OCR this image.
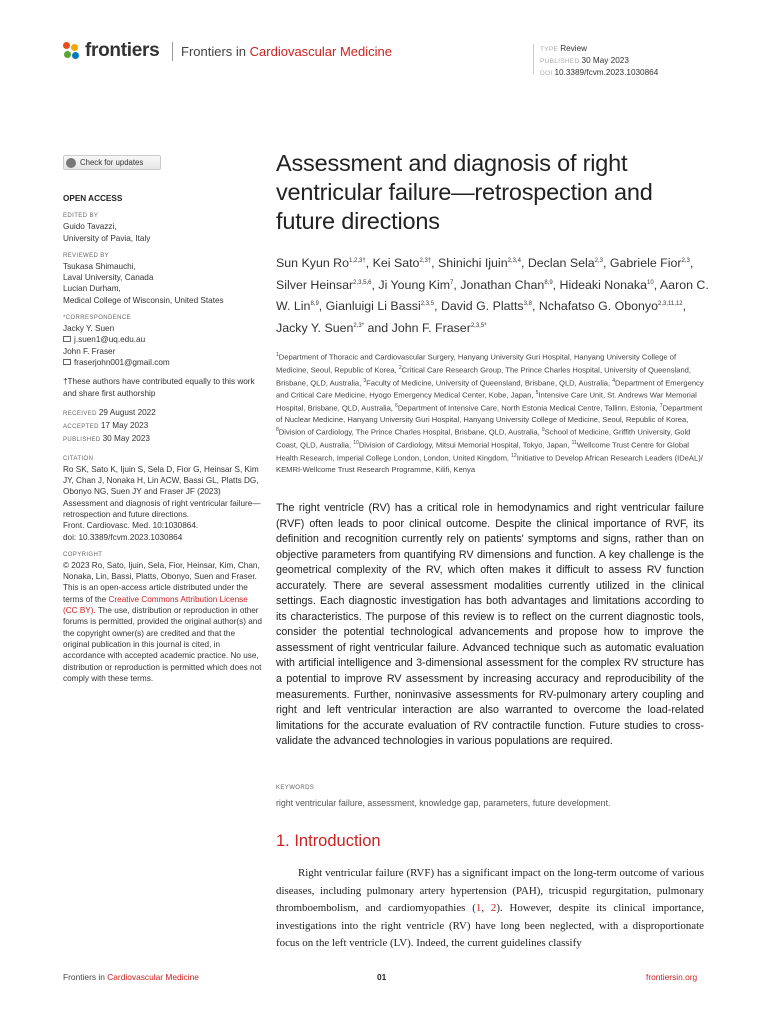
frontiers Frontiers in Cardiovascular Medicine	TYPE Review
PUBLISHED 30 May 2023
DOI 10.3389/fcvm.2023.1030864
Check for updates
OPEN ACCESS
EDITED BY
Guido Tavazzi,
University of Pavia, Italy
REVIEWED BY
Tsukasa Shimauchi,
Laval University, Canada
Lucian Durham,
Medical College of Wisconsin, United States
*CORRESPONDENCE
Jacky Y. Suen
j.suen1@uq.edu.au
John F. Fraser
fraserjohn001@gmail.com
†These authors have contributed equally to this work and share first authorship
RECEIVED 29 August 2022
ACCEPTED 17 May 2023
PUBLISHED 30 May 2023
CITATION
Ro SK, Sato K, Ijuin S, Sela D, Fior G, Heinsar S, Kim JY, Chan J, Nonaka H, Lin ACW, Bassi GL, Platts DG, Obonyo NG, Suen JY and Fraser JF (2023) Assessment and diagnosis of right ventricular failure—retrospection and future directions.
Front. Cardiovasc. Med. 10:1030864.
doi: 10.3389/fcvm.2023.1030864
COPYRIGHT
© 2023 Ro, Sato, Ijuin, Sela, Fior, Heinsar, Kim, Chan, Nonaka, Lin, Bassi, Platts, Obonyo, Suen and Fraser. This is an open-access article distributed under the terms of the Creative Commons Attribution License (CC BY). The use, distribution or reproduction in other forums is permitted, provided the original author(s) and the copyright owner(s) are credited and that the original publication in this journal is cited, in accordance with accepted academic practice. No use, distribution or reproduction is permitted which does not comply with these terms.
Assessment and diagnosis of right ventricular failure—retrospection and future directions
Sun Kyun $Ro^{1,2,3\dagger}$, Kei Sato$^{2,3\dagger}$, Shinichi Ijuin$^{2,3,4}$, Declan Sela$^{2,3}$, Gabriele Fior$^{2,3}$, Silver Heinsar$^{2,3,5,6}$, Ji Young Kim$^7$, Jonathan Chan$^{8,9}$, Hideaki Nonaka$^{10}$, Aaron C. W. Lin$^{8,9}$, Gianluigi Li Bassi$^{2,3,5}$, David G. Platts$^{3,8}$, Nchafatso G. Obonyo$^{2,3,11,12}$, Jacky Y. Suen$^{2,3*}$ and John F. Fraser$^{2,3,5*}$
$^1$Department of Thoracic and Cardiovascular Surgery, Hanyang University Guri Hospital, Hanyang University College of Medicine, Seoul, Republic of Korea, $^2$Critical Care Research Group, The Prince Charles Hospital, University of Queensland, Brisbane, QLD, Australia, $^3$Faculty of Medicine, University of Queensland, Brisbane, QLD, Australia, $^4$Department of Emergency and Critical Care Medicine, Hyogo Emergency Medical Center, Kobe, Japan, $^5$Intensive Care Unit, St. Andrews War Memorial Hospital, Brisbane, QLD, Australia, $^6$Department of Intensive Care, North Estonia Medical Centre, Tallinn, Estonia, $^7$Department of Nuclear Medicine, Hanyang University Guri Hospital, Hanyang University College of Medicine, Seoul, Republic of Korea, $^8$Division of Cardiology, The Prince Charles Hospital, Brisbane, QLD, Australia, $^9$School of Medicine, Griffith University, Gold Coast, QLD, Australia, $^{10}$Division of Cardiology, Mitsui Memorial Hospital, Tokyo, Japan, $^{11}$Wellcome Trust Centre for Global Health Research, Imperial College London, London, United Kingdom, $^{12}$Initiative to Develop African Research Leaders (IDeAL)/ KEMRI-Wellcome Trust Research Programme, Kilifi, Kenya
The right ventricle (RV) has a critical role in hemodynamics and right ventricular failure (RVF) often leads to poor clinical outcome. Despite the clinical importance of RVF, its definition and recognition currently rely on patients' symptoms and signs, rather than on objective parameters from quantifying RV dimensions and function. A key challenge is the geometrical complexity of the RV, which often makes it difficult to assess RV function accurately. There are several assessment modalities currently utilized in the clinical settings. Each diagnostic investigation has both advantages and limitations according to its characteristics. The purpose of this review is to reflect on the current diagnostic tools, consider the potential technological advancements and propose how to improve the assessment of right ventricular failure. Advanced technique such as automatic evaluation with artificial intelligence and 3-dimensional assessment for the complex RV structure has a potential to improve RV assessment by increasing accuracy and reproducibility of the measurements. Further, noninvasive assessments for RV-pulmonary artery coupling and right and left ventricular interaction are also warranted to overcome the load-related limitations for the accurate evaluation of RV contractile function. Future studies to cross-validate the advanced technologies in various populations are required.
KEYWORDS
right ventricular failure, assessment, knowledge gap, parameters, future development.
1. Introduction
Right ventricular failure (RVF) has a significant impact on the long-term outcome of various diseases, including pulmonary artery hypertension (PAH), tricuspid regurgitation, pulmonary thromboembolism, and cardiomyopathies (1, 2). However, despite its clinical importance, investigations into the right ventricle (RV) have long been neglected, with a disproportionate focus on the left ventricle (LV). Indeed, the current guidelines classify
Frontiers in Cardiovascular Medicine	01	frontiersin.org
